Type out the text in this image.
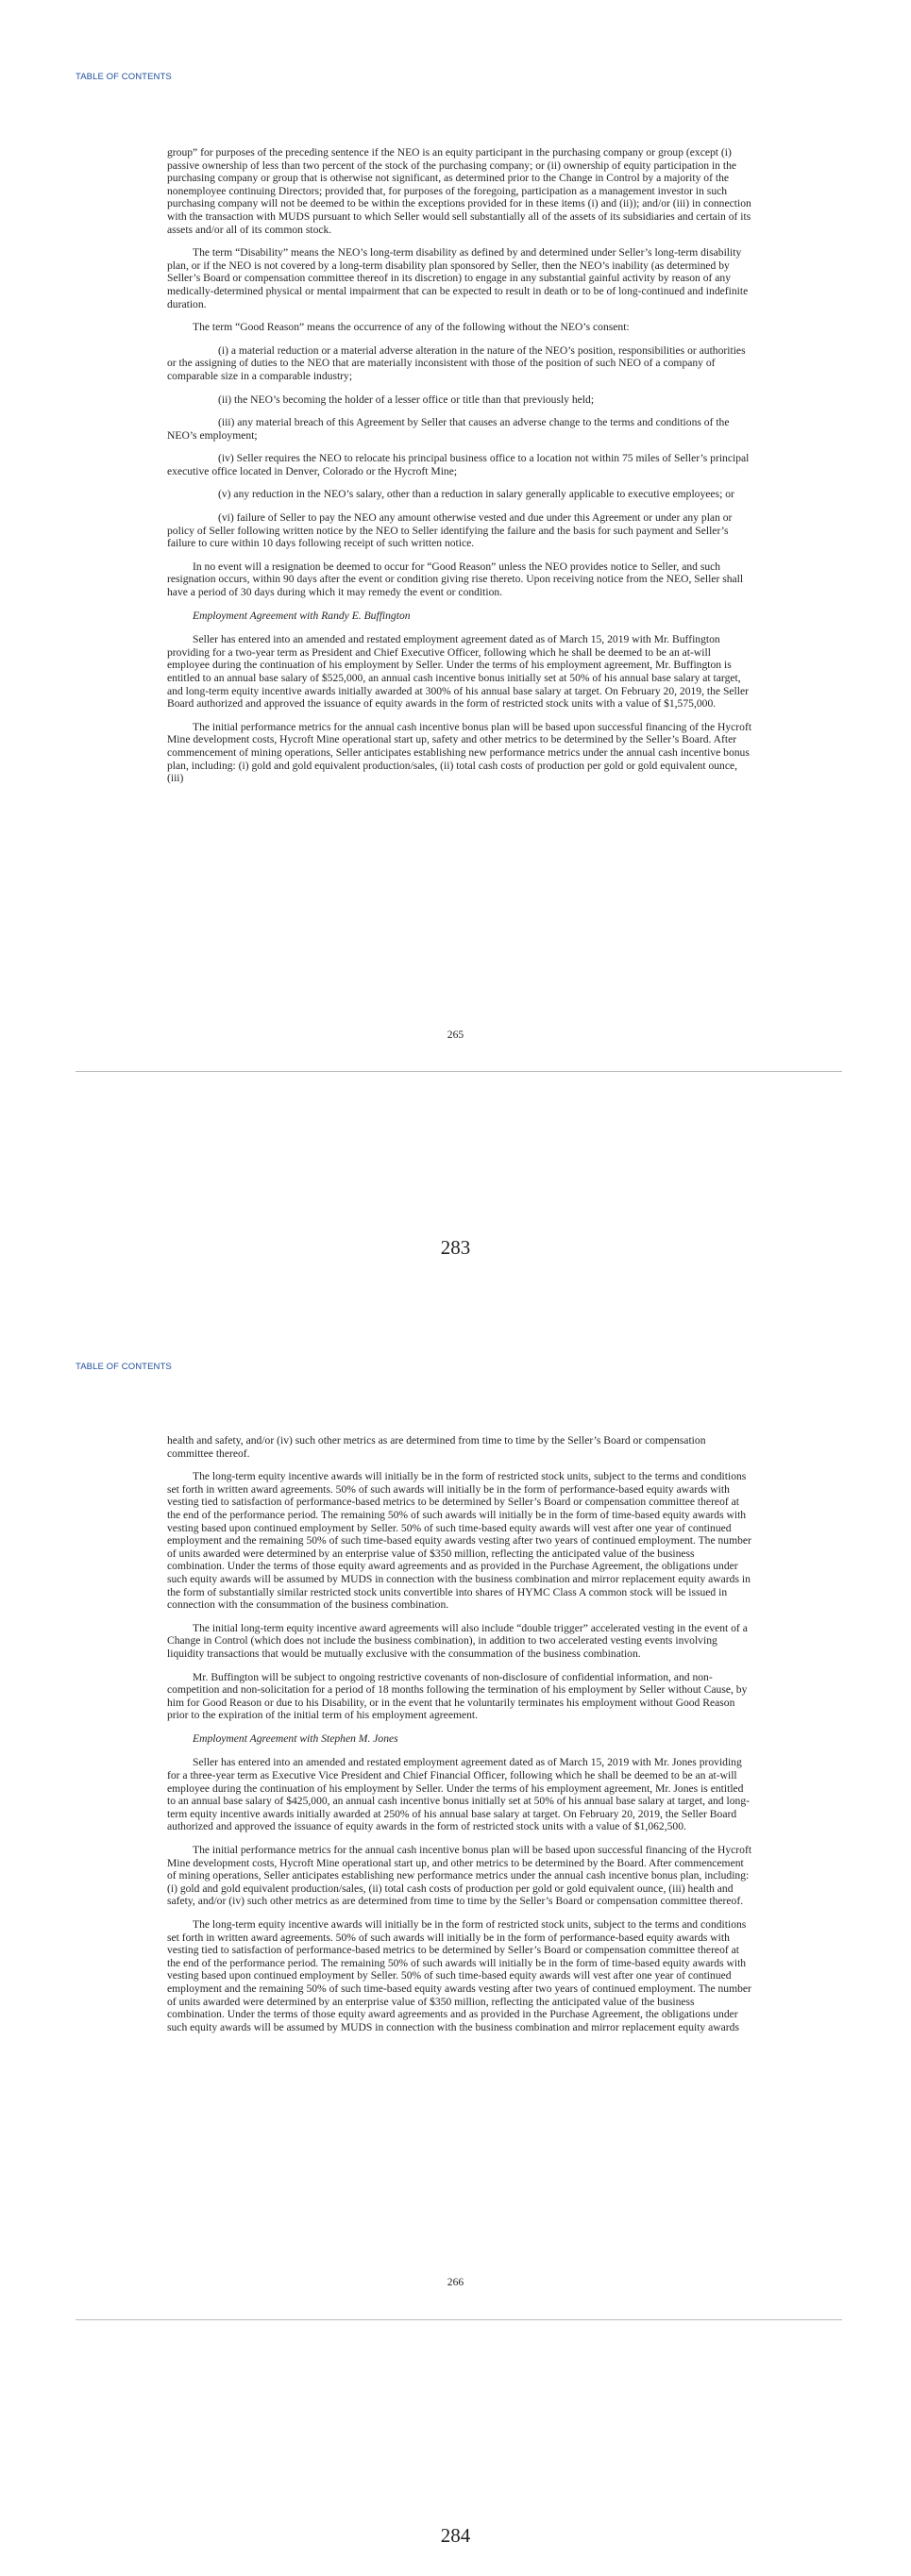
TABLE OF CONTENTS

group” for purposes of the preceding sentence if the NEO is an equity participant in the purchasing company or group (except (i) passive ownership of less than two percent of the stock of the purchasing company; or (ii) ownership of equity participation in the purchasing company or group that is otherwise not significant, as determined prior to the Change in Control by a majority of the nonemployee continuing Directors; provided that, for purposes of the foregoing, participation as a management investor in such purchasing company will not be deemed to be within the exceptions provided for in these items (i) and (ii)); and/or (iii) in connection with the transaction with MUDS pursuant to which Seller would sell substantially all of the assets of its subsidiaries and certain of its assets and/or all of its common stock.

The term “Disability” means the NEO’s long-term disability as defined by and determined under Seller’s long-term disability plan, or if the NEO is not covered by a long-term disability plan sponsored by Seller, then the NEO’s inability (as determined by Seller’s Board or compensation committee thereof in its discretion) to engage in any substantial gainful activity by reason of any medically-determined physical or mental impairment that can be expected to result in death or to be of long-continued and indefinite duration.

The term “Good Reason” means the occurrence of any of the following without the NEO’s consent:

(i) a material reduction or a material adverse alteration in the nature of the NEO’s position, responsibilities or authorities or the assigning of duties to the NEO that are materially inconsistent with those of the position of such NEO of a company of comparable size in a comparable industry;

(ii) the NEO’s becoming the holder of a lesser office or title than that previously held;

(iii) any material breach of this Agreement by Seller that causes an adverse change to the terms and conditions of the NEO’s employment;

(iv) Seller requires the NEO to relocate his principal business office to a location not within 75 miles of Seller’s principal executive office located in Denver, Colorado or the Hycroft Mine;

(v) any reduction in the NEO’s salary, other than a reduction in salary generally applicable to executive employees; or

(vi) failure of Seller to pay the NEO any amount otherwise vested and due under this Agreement or under any plan or policy of Seller following written notice by the NEO to Seller identifying the failure and the basis for such payment and Seller’s failure to cure within 10 days following receipt of such written notice.

In no event will a resignation be deemed to occur for “Good Reason” unless the NEO provides notice to Seller, and such resignation occurs, within 90 days after the event or condition giving rise thereto. Upon receiving notice from the NEO, Seller shall have a period of 30 days during which it may remedy the event or condition.

Employment Agreement with Randy E. Buffington

Seller has entered into an amended and restated employment agreement dated as of March 15, 2019 with Mr. Buffington providing for a two-year term as President and Chief Executive Officer, following which he shall be deemed to be an at-will employee during the continuation of his employment by Seller. Under the terms of his employment agreement, Mr. Buffington is entitled to an annual base salary of $525,000, an annual cash incentive bonus initially set at 50% of his annual base salary at target, and long-term equity incentive awards initially awarded at 300% of his annual base salary at target. On February 20, 2019, the Seller Board authorized and approved the issuance of equity awards in the form of restricted stock units with a value of $1,575,000.

The initial performance metrics for the annual cash incentive bonus plan will be based upon successful financing of the Hycroft Mine development costs, Hycroft Mine operational start up, safety and other metrics to be determined by the Seller’s Board. After commencement of mining operations, Seller anticipates establishing new performance metrics under the annual cash incentive bonus plan, including: (i) gold and gold equivalent production/sales, (ii) total cash costs of production per gold or gold equivalent ounce, (iii)

265
283
TABLE OF CONTENTS

health and safety, and/or (iv) such other metrics as are determined from time to time by the Seller’s Board or compensation committee thereof.

The long-term equity incentive awards will initially be in the form of restricted stock units, subject to the terms and conditions set forth in written award agreements. 50% of such awards will initially be in the form of performance-based equity awards with vesting tied to satisfaction of performance-based metrics to be determined by Seller’s Board or compensation committee thereof at the end of the performance period. The remaining 50% of such awards will initially be in the form of time-based equity awards with vesting based upon continued employment by Seller. 50% of such time-based equity awards will vest after one year of continued employment and the remaining 50% of such time-based equity awards vesting after two years of continued employment. The number of units awarded were determined by an enterprise value of $350 million, reflecting the anticipated value of the business combination. Under the terms of those equity award agreements and as provided in the Purchase Agreement, the obligations under such equity awards will be assumed by MUDS in connection with the business combination and mirror replacement equity awards in the form of substantially similar restricted stock units convertible into shares of HYMC Class A common stock will be issued in connection with the consummation of the business combination.

The initial long-term equity incentive award agreements will also include “double trigger” accelerated vesting in the event of a Change in Control (which does not include the business combination), in addition to two accelerated vesting events involving liquidity transactions that would be mutually exclusive with the consummation of the business combination.

Mr. Buffington will be subject to ongoing restrictive covenants of non-disclosure of confidential information, and non-competition and non-solicitation for a period of 18 months following the termination of his employment by Seller without Cause, by him for Good Reason or due to his Disability, or in the event that he voluntarily terminates his employment without Good Reason prior to the expiration of the initial term of his employment agreement.

Employment Agreement with Stephen M. Jones

Seller has entered into an amended and restated employment agreement dated as of March 15, 2019 with Mr. Jones providing for a three-year term as Executive Vice President and Chief Financial Officer, following which he shall be deemed to be an at-will employee during the continuation of his employment by Seller. Under the terms of his employment agreement, Mr. Jones is entitled to an annual base salary of $425,000, an annual cash incentive bonus initially set at 50% of his annual base salary at target, and long-term equity incentive awards initially awarded at 250% of his annual base salary at target. On February 20, 2019, the Seller Board authorized and approved the issuance of equity awards in the form of restricted stock units with a value of $1,062,500.

The initial performance metrics for the annual cash incentive bonus plan will be based upon successful financing of the Hycroft Mine development costs, Hycroft Mine operational start up, and other metrics to be determined by the Board. After commencement of mining operations, Seller anticipates establishing new performance metrics under the annual cash incentive bonus plan, including: (i) gold and gold equivalent production/sales, (ii) total cash costs of production per gold or gold equivalent ounce, (iii) health and safety, and/or (iv) such other metrics as are determined from time to time by the Seller’s Board or compensation committee thereof.

The long-term equity incentive awards will initially be in the form of restricted stock units, subject to the terms and conditions set forth in written award agreements. 50% of such awards will initially be in the form of performance-based equity awards with vesting tied to satisfaction of performance-based metrics to be determined by Seller’s Board or compensation committee thereof at the end of the performance period. The remaining 50% of such awards will initially be in the form of time-based equity awards with vesting based upon continued employment by Seller. 50% of such time-based equity awards will vest after one year of continued employment and the remaining 50% of such time-based equity awards vesting after two years of continued employment. The number of units awarded were determined by an enterprise value of $350 million, reflecting the anticipated value of the business combination. Under the terms of those equity award agreements and as provided in the Purchase Agreement, the obligations under such equity awards will be assumed by MUDS in connection with the business combination and mirror replacement equity awards

266
284
